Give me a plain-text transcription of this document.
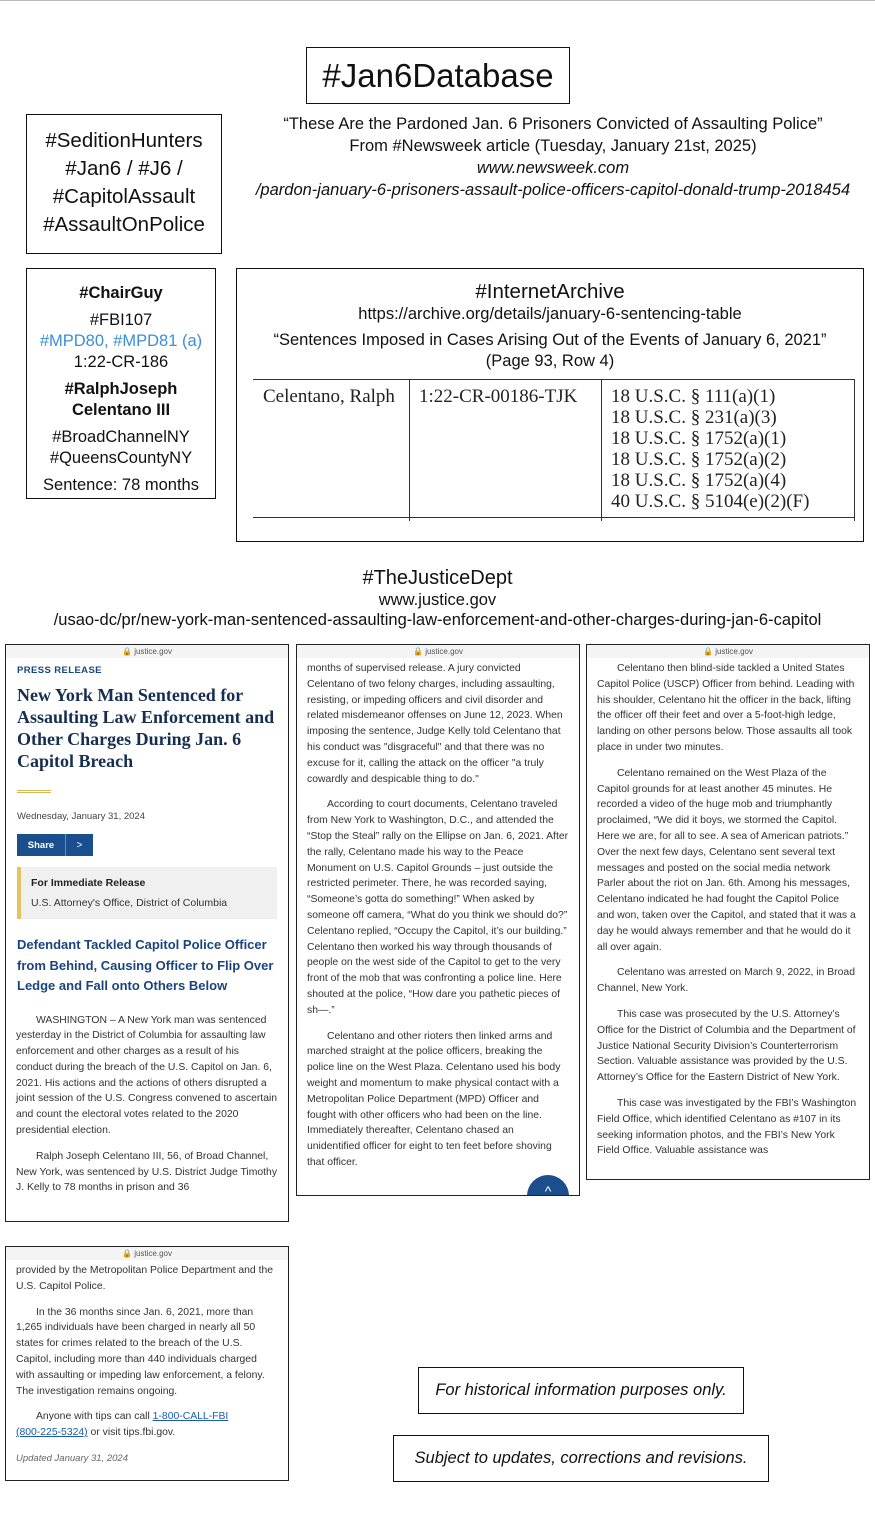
#Jan6Database
#SeditionHunters
#Jan6 / #J6 /
#CapitolAssault
#AssaultOnPolice
“These Are the Pardoned Jan. 6 Prisoners Convicted of Assaulting Police”
From #Newsweek article (Tuesday, January 21st, 2025)
www.newsweek.com
/pardon-january-6-prisoners-assault-police-officers-capitol-donald-trump-2018454
#ChairGuy
#FBI107
#MPD80, #MPD81 (a)
1:22-CR-186
#RalphJoseph Celentano III
#BroadChannelNY
#QueensCountyNY
Sentence: 78 months
#InternetArchive
https://archive.org/details/january-6-sentencing-table
“Sentences Imposed in Cases Arising Out of the Events of January 6, 2021”
(Page 93, Row 4)
Celentano, Ralph 1:22-CR-00186-TJK 18 U.S.C. § 111(a)(1)
18 U.S.C. § 231(a)(3)
18 U.S.C. § 1752(a)(1)
18 U.S.C. § 1752(a)(2)
18 U.S.C. § 1752(a)(4)
40 U.S.C. § 5104(e)(2)(F)
#TheJusticeDept
www.justice.gov
/usao-dc/pr/new-york-man-sentenced-assaulting-law-enforcement-and-other-charges-during-jan-6-capitol
🔒 justice.gov
PRESS RELEASE
New York Man Sentenced for Assaulting Law Enforcement and Other Charges During Jan. 6 Capitol Breach
Wednesday, January 31, 2024
Share	>
For Immediate Release
U.S. Attorney's Office, District of Columbia
Defendant Tackled Capitol Police Officer from Behind, Causing Officer to Flip Over Ledge and Fall onto Others Below

WASHINGTON – A New York man was sentenced yesterday in the District of Columbia for assaulting law enforcement and other charges as a result of his conduct during the breach of the U.S. Capitol on Jan. 6, 2021. His actions and the actions of others disrupted a joint session of the U.S. Congress convened to ascertain and count the electoral votes related to the 2020 presidential election.

Ralph Joseph Celentano III, 56, of Broad Channel, New York, was sentenced by U.S. District Judge Timothy J. Kelly to 78 months in prison and 36

🔒 justice.gov

months of supervised release. A jury convicted Celentano of two felony charges, including assaulting, resisting, or impeding officers and civil disorder and related misdemeanor offenses on June 12, 2023. When imposing the sentence, Judge Kelly told Celentano that his conduct was "disgraceful" and that there was no excuse for it, calling the attack on the officer "a truly cowardly and despicable thing to do."

According to court documents, Celentano traveled from New York to Washington, D.C., and attended the “Stop the Steal” rally on the Ellipse on Jan. 6, 2021. After the rally, Celentano made his way to the Peace Monument on U.S. Capitol Grounds – just outside the restricted perimeter. There, he was recorded saying, “Someone’s gotta do something!” When asked by someone off camera, “What do you think we should do?” Celentano replied, “Occupy the Capitol, it’s our building.” Celentano then worked his way through thousands of people on the west side of the Capitol to get to the very front of the mob that was confronting a police line. Here shouted at the police, “How dare you pathetic pieces of sh—.”

Celentano and other rioters then linked arms and marched straight at the police officers, breaking the police line on the West Plaza. Celentano used his body weight and momentum to make physical contact with a Metropolitan Police Department (MPD) Officer and fought with other officers who had been on the line. Immediately thereafter, Celentano chased an unidentified officer for eight to ten feet before shoving that officer.

^
🔒 justice.gov

Celentano then blind-side tackled a United States Capitol Police (USCP) Officer from behind. Leading with his shoulder, Celentano hit the officer in the back, lifting the officer off their feet and over a 5-foot-high ledge, landing on other persons below. Those assaults all took place in under two minutes.

Celentano remained on the West Plaza of the Capitol grounds for at least another 45 minutes. He recorded a video of the huge mob and triumphantly proclaimed, “We did it boys, we stormed the Capitol. Here we are, for all to see. A sea of American patriots.” Over the next few days, Celentano sent several text messages and posted on the social media network Parler about the riot on Jan. 6th. Among his messages, Celentano indicated he had fought the Capitol Police and won, taken over the Capitol, and stated that it was a day he would always remember and that he would do it all over again.

Celentano was arrested on March 9, 2022, in Broad Channel, New York.

This case was prosecuted by the U.S. Attorney’s Office for the District of Columbia and the Department of Justice National Security Division’s Counterterrorism Section. Valuable assistance was provided by the U.S. Attorney’s Office for the Eastern District of New York.

This case was investigated by the FBI’s Washington Field Office, which identified Celentano as #107 in its seeking information photos, and the FBI’s New York Field Office. Valuable assistance was

🔒 justice.gov

provided by the Metropolitan Police Department and the U.S. Capitol Police.

In the 36 months since Jan. 6, 2021, more than 1,265 individuals have been charged in nearly all 50 states for crimes related to the breach of the U.S. Capitol, including more than 440 individuals charged with assaulting or impeding law enforcement, a felony. The investigation remains ongoing.

Anyone with tips can call 1-800-CALL-FBI
(800-225-5324) or visit tips.fbi.gov.

Updated January 31, 2024

For historical information purposes only.
Subject to updates, corrections and revisions.
